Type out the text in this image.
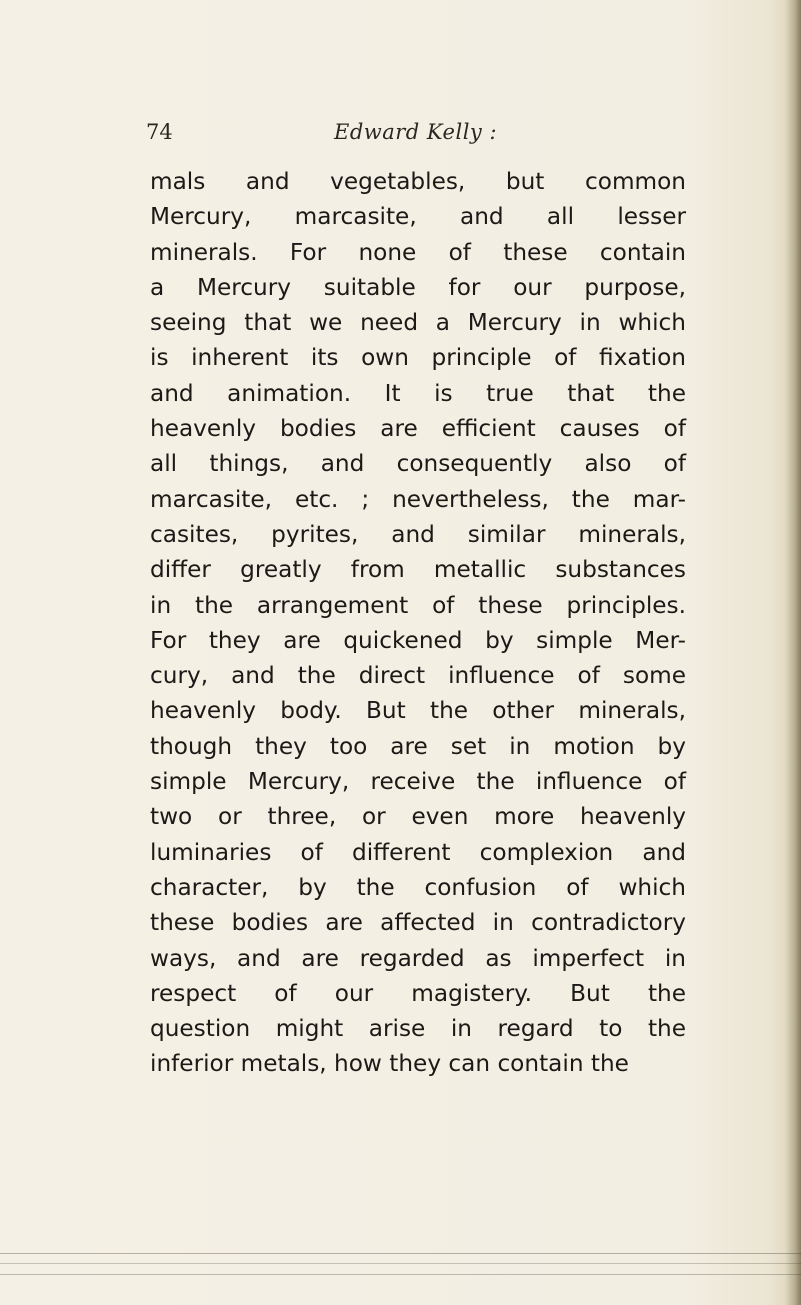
74	Edward Kelly :
mals and vegetables, but common
Mercury, marcasite, and all lesser
minerals. For none of these contain
a Mercury suitable for our purpose,
seeing that we need a Mercury in which
is inherent its own principle of fixation
and animation. It is true that the
heavenly bodies are efficient causes of
all things, and consequently also of
marcasite, etc. ; nevertheless, the mar-
casites, pyrites, and similar minerals,
differ greatly from metallic substances
in the arrangement of these principles.
For they are quickened by simple Mer-
cury, and the direct influence of some
heavenly body. But the other minerals,
though they too are set in motion by
simple Mercury, receive the influence of
two or three, or even more heavenly
luminaries of different complexion and
character, by the confusion of which
these bodies are affected in contradictory
ways, and are regarded as imperfect in
respect of our magistery. But the
question might arise in regard to the
inferior metals, how they can contain the
